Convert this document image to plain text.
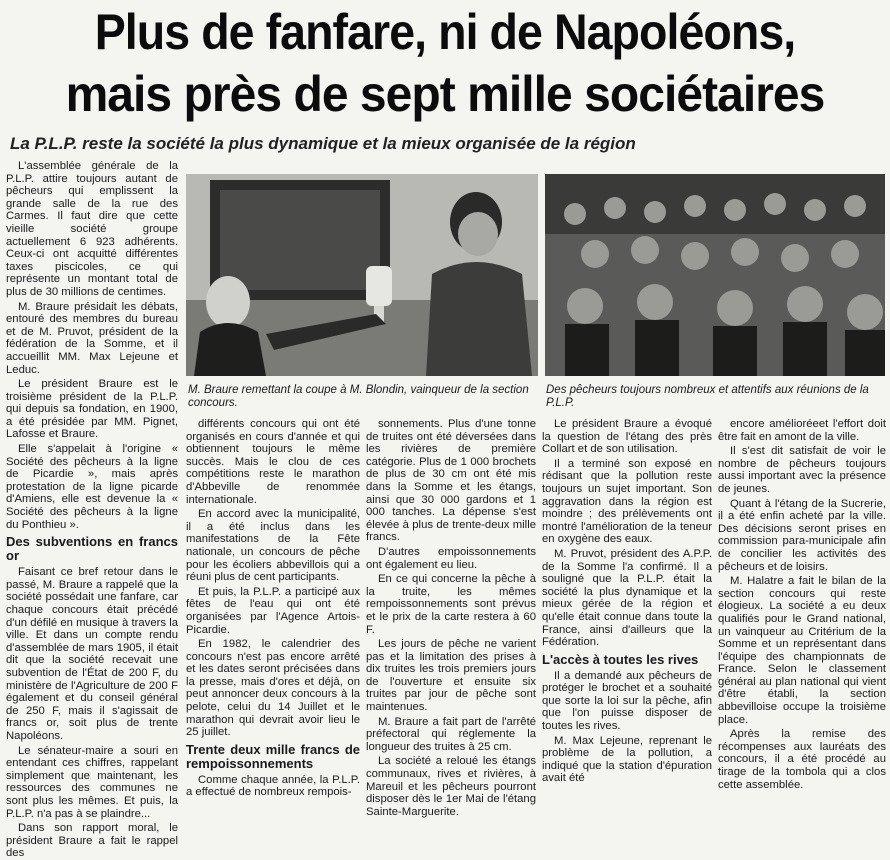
Plus de fanfare, ni de Napoléons,
mais près de sept mille sociétaires
La P.L.P. reste la société la plus dynamique et la mieux organisée de la région

L'assemblée générale de la P.L.P. attire toujours autant de pêcheurs qui emplissent la grande salle de la rue des Carmes. Il faut dire que cette vieille société groupe actuellement 6 923 adhérents. Ceux-ci ont acquitté différentes taxes piscicoles, ce qui représente un montant total de plus de 30 millions de centimes.

M. Braure présidait les débats, entouré des membres du bureau et de M. Pruvot, président de la fédération de la Somme, et il accueillit MM. Max Lejeune et Leduc.

Le président Braure est le troisième président de la P.L.P. qui depuis sa fondation, en 1900, a été présidée par MM. Pignet, Lafosse et Braure.

Elle s'appelait à l'origine « Société des pêcheurs à la ligne de Picardie », mais après protestation de la ligne picarde d'Amiens, elle est devenue la « Société des pêcheurs à la ligne du Ponthieu ».

Des subventions en francs or

Faisant ce bref retour dans le passé, M. Braure a rappelé que la société possédait une fanfare, car chaque concours était précédé d'un défilé en musique à travers la ville. Et dans un compte rendu d'assemblée de mars 1905, il était dit que la société recevait une subvention de l'État de 200 F, du ministère de l'Agriculture de 200 F également et du conseil général de 250 F, mais il s'agissait de francs or, soit plus de trente Napoléons.

Le sénateur-maire a souri en entendant ces chiffres, rappelant simplement que maintenant, les ressources des communes ne sont plus les mêmes. Et puis, la P.L.P. n'a pas à se plaindre...

Dans son rapport moral, le président Braure a fait le rappel des

M. Braure remettant la coupe à M. Blondin, vainqueur de la section concours.
Des pêcheurs toujours nombreux et attentifs aux réunions de la P.L.P.

différents concours qui ont été organisés en cours d'année et qui obtiennent toujours le même succès. Mais le clou de ces compétitions reste le marathon d'Abbeville de renommée internationale.

En accord avec la municipalité, il a été inclus dans les manifestations de la Fête nationale, un concours de pêche pour les écoliers abbevillois qui a réuni plus de cent participants.

Et puis, la P.L.P. a participé aux fêtes de l'eau qui ont été organisées par l'Agence Artois-Picardie.

En 1982, le calendrier des concours n'est pas encore arrêté et les dates seront précisées dans la presse, mais d'ores et déjà, on peut annoncer deux concours à la pelote, celui du 14 Juillet et le marathon qui devrait avoir lieu le 25 juillet.

Trente deux mille francs de rempoissonnements

Comme chaque année, la P.L.P. a effectué de nombreux rempois-

sonnements. Plus d'une tonne de truites ont été déversées dans les rivières de première catégorie. Plus de 1 000 brochets de plus de 30 cm ont été mis dans la Somme et les étangs, ainsi que 30 000 gardons et 1 000 tanches. La dépense s'est élevée à plus de trente-deux mille francs.

D'autres empoissonnements ont également eu lieu.

En ce qui concerne la pêche à la truite, les mêmes rempoissonnements sont prévus et le prix de la carte restera à 60 F.

Les jours de pêche ne varient pas et la limitation des prises à dix truites les trois premiers jours de l'ouverture et ensuite six truites par jour de pêche sont maintenues.

M. Braure a fait part de l'arrêté préfectoral qui réglemente la longueur des truites à 25 cm.

La société a reloué les étangs communaux, rives et rivières, à Mareuil et les pêcheurs pourront disposer dès le 1er Mai de l'étang Sainte-Marguerite.

Le président Braure a évoqué la question de l'étang des près Collart et de son utilisation.

Il a terminé son exposé en rédisant que la pollution reste toujours un sujet important. Son aggravation dans la région est moindre ; des prélèvements ont montré l'amélioration de la teneur en oxygène des eaux.

M. Pruvot, président des A.P.P. de la Somme l'a confirmé. Il a souligné que la P.L.P. était la société la plus dynamique et la mieux gérée de la région et qu'elle était connue dans toute la France, ainsi d'ailleurs que la Fédération.

L'accès à toutes les rives

Il a demandé aux pêcheurs de protéger le brochet et a souhaité que sorte la loi sur la pêche, afin que l'on puisse disposer de toutes les rives.

M. Max Lejeune, reprenant le problème de la pollution, a indiqué que la station d'épuration avait été

encore amélioréeet l'effort doit être fait en amont de la ville.

Il s'est dit satisfait de voir le nombre de pêcheurs toujours aussi important avec la présence de jeunes.

Quant à l'étang de la Sucrerie, il a été enfin acheté par la ville. Des décisions seront prises en commission para-municipale afin de concilier les activités des pêcheurs et de loisirs.

M. Halatre a fait le bilan de la section concours qui reste élogieux. La société a eu deux qualifiés pour le Grand national, un vainqueur au Critérium de la Somme et un représentant dans l'équipe des championnats de France. Selon le classement général au plan national qui vient d'être établi, la section abbevilloise occupe la troisième place.

Après la remise des récompenses aux lauréats des concours, il a été procédé au tirage de la tombola qui a clos cette assemblée.
